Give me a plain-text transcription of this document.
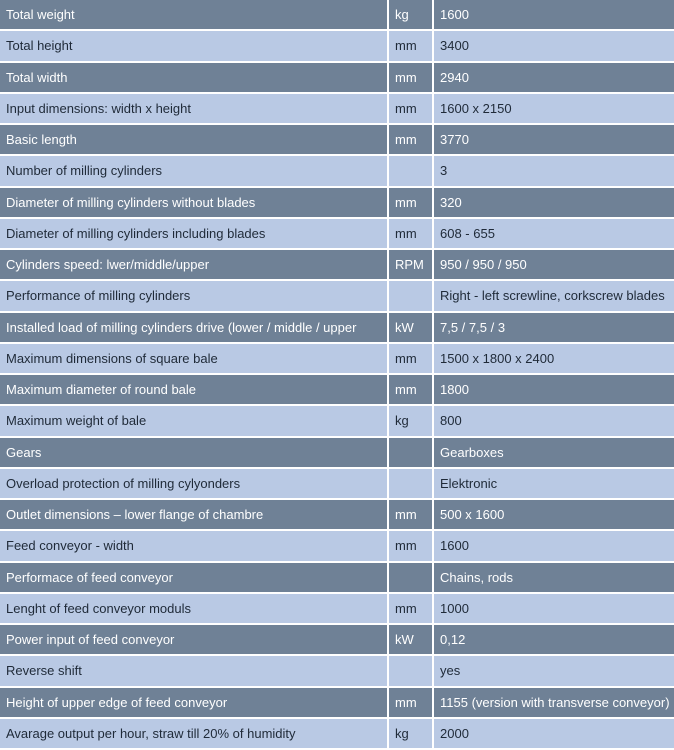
Total weight	kg	1600
Total height	mm	3400
Total width	mm	2940
Input dimensions: width x height	mm	1600 x 2150
Basic length	mm	3770
Number of milling cylinders		3
Diameter of milling cylinders without blades	mm	320
Diameter of milling cylinders including blades	mm	608 - 655
Cylinders speed: lwer/middle/upper	RPM	950 / 950 / 950
Performance of milling cylinders		Right - left screwline, corkscrew blades
Installed load of milling cylinders drive (lower / middle / upper	kW	7,5 / 7,5 / 3
Maximum dimensions of square bale	mm	1500 x 1800 x 2400
Maximum diameter of round bale	mm	1800
Maximum weight of bale	kg	800
Gears		Gearboxes
Overload protection of milling cylyonders		Elektronic
Outlet dimensions – lower flange of chambre	mm	500 x 1600
Feed conveyor - width	mm	1600
Performace of feed conveyor		Chains, rods
Lenght of feed conveyor moduls	mm	1000
Power input of feed conveyor	kW	0,12
Reverse shift		yes
Height of upper edge of feed conveyor	mm	1155 (version with transverse conveyor)
Avarage output per hour, straw till 20% of humidity	kg	2000
